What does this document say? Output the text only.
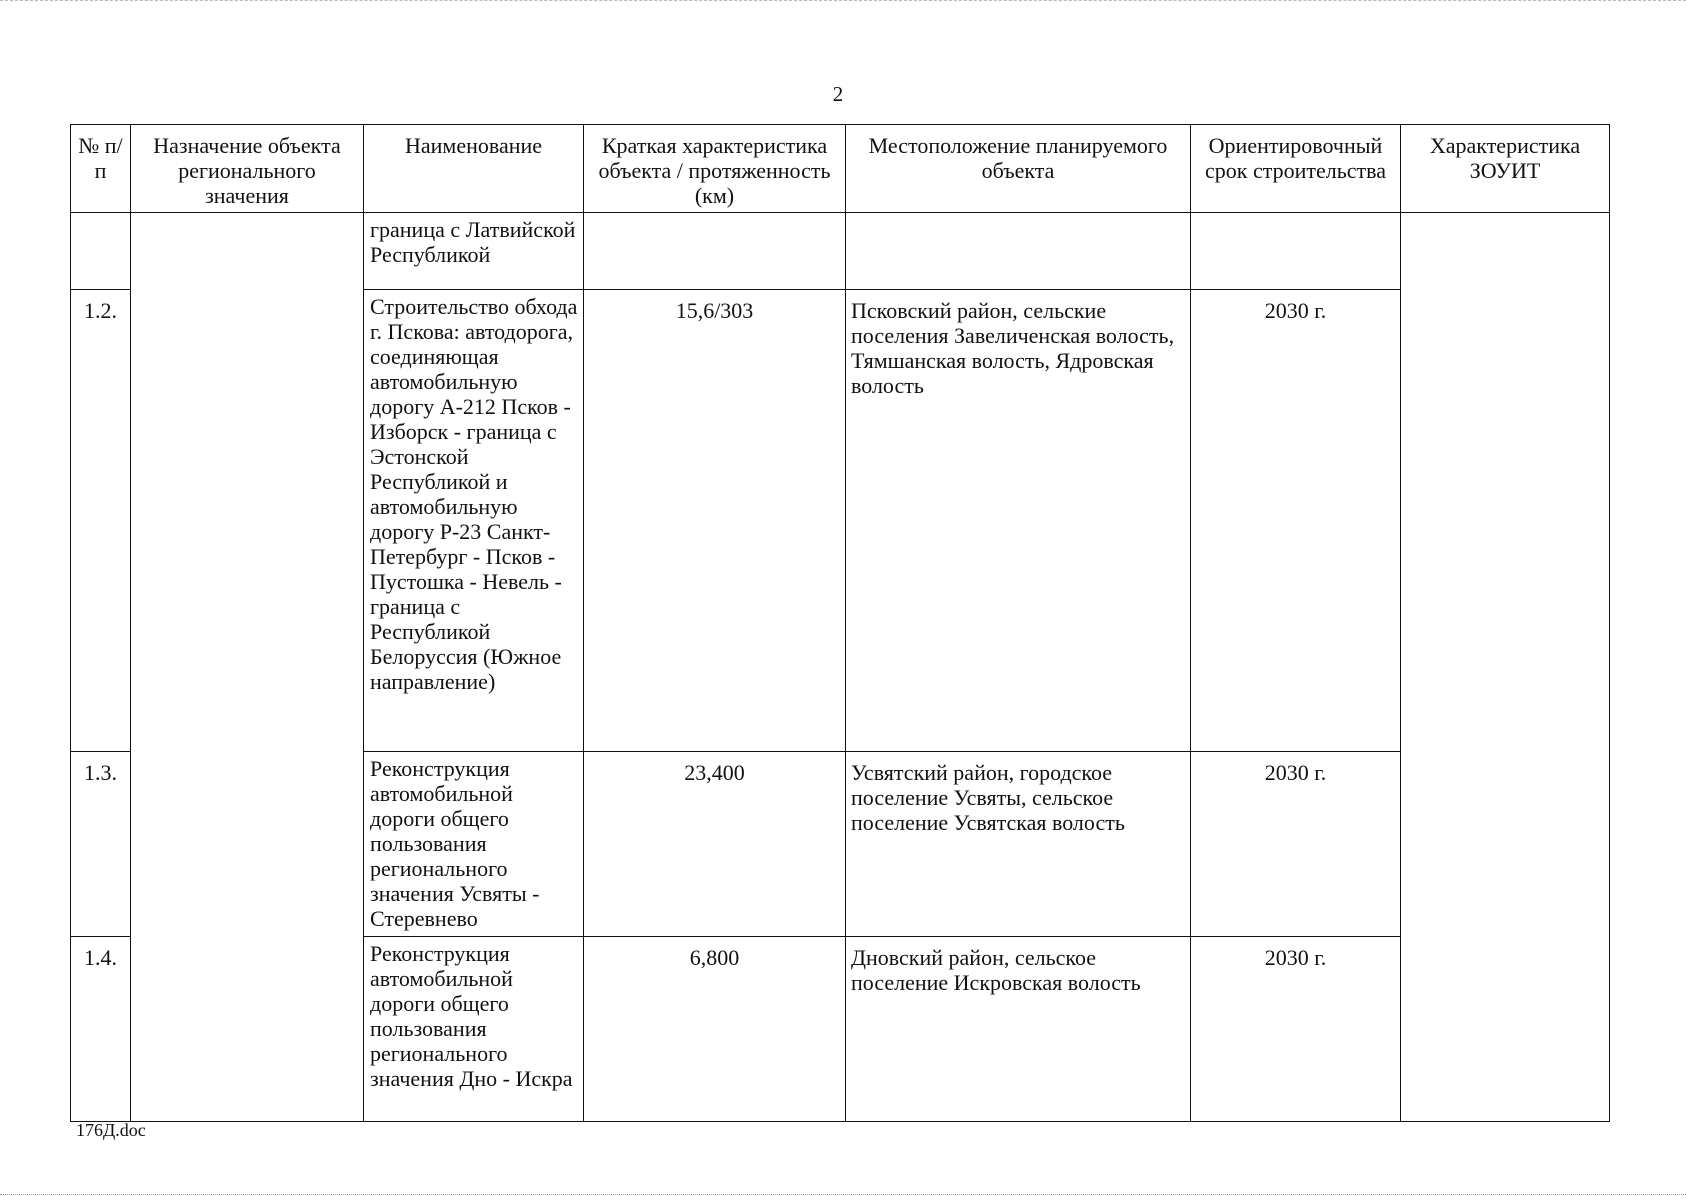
2
№ п/п	Назначение объекта регионального значения	Наименование	Краткая характеристика объекта / протяженность (км)	Местоположение планируемого объекта	Ориентировочный срок строительства	Характеристика ЗОУИТ
		граница с Латвийской Республикой				
1.2.		Строительство обхода г. Пскова: автодорога, соединяющая автомобильную дорогу А-212 Псков - Изборск - граница с Эстонской Республикой и автомобильную дорогу Р-23 Санкт-Петербург - Псков - Пустошка - Невель - граница с Республикой Белоруссия (Южное направление)	15,6/303	Псковский район, сельские поселения Завеличенская волость, Тямшанская волость, Ядровская волость	2030 г.	
1.3.		Реконструкция автомобильной дороги общего пользования регионального значения Усвяты - Стеревнево	23,400	Усвятский район, городское поселение Усвяты, сельское поселение Усвятская волость	2030 г.	
1.4.		Реконструкция автомобильной дороги общего пользования регионального значения Дно - Искра	6,800	Дновский район, сельское поселение Искровская волость	2030 г.	
176Д.doc
